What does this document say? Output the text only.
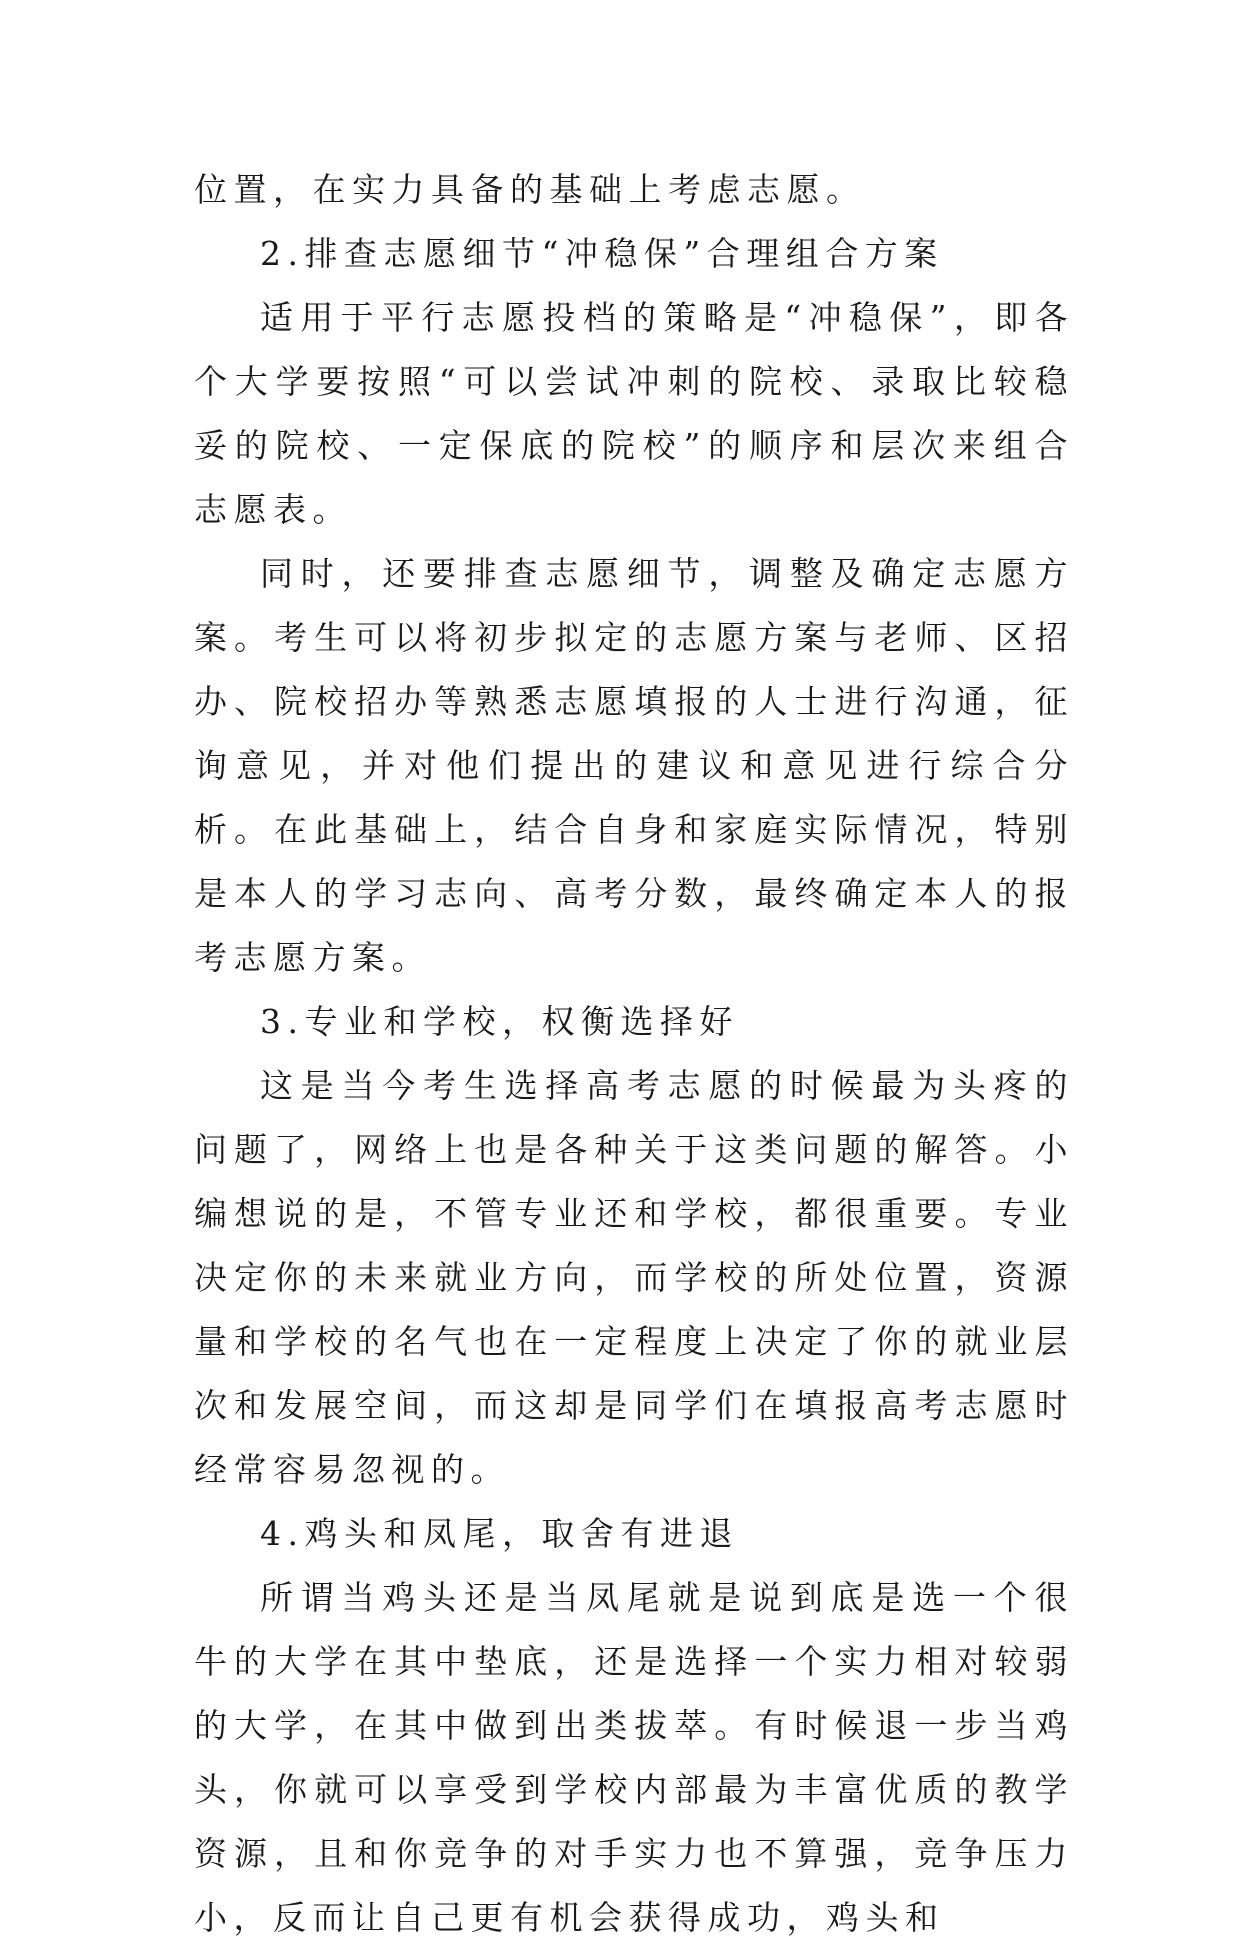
位置，在实力具备的基础上考虑志愿。

2.排查志愿细节“冲稳保”合理组合方案

适用于平行志愿投档的策略是“冲稳保”，即各个大学要按照“可以尝试冲刺的院校、录取比较稳妥的院校、一定保底的院校”的顺序和层次来组合志愿表。

同时，还要排查志愿细节，调整及确定志愿方案。考生可以将初步拟定的志愿方案与老师、区招办、院校招办等熟悉志愿填报的人士进行沟通，征询意见，并对他们提出的建议和意见进行综合分析。在此基础上，结合自身和家庭实际情况，特别是本人的学习志向、高考分数，最终确定本人的报考志愿方案。

3.专业和学校，权衡选择好

这是当今考生选择高考志愿的时候最为头疼的问题了，网络上也是各种关于这类问题的解答。小编想说的是，不管专业还和学校，都很重要。专业决定你的未来就业方向，而学校的所处位置，资源量和学校的名气也在一定程度上决定了你的就业层次和发展空间，而这却是同学们在填报高考志愿时经常容易忽视的。

4.鸡头和凤尾，取舍有进退

所谓当鸡头还是当凤尾就是说到底是选一个很牛的大学在其中垫底，还是选择一个实力相对较弱的大学，在其中做到出类拔萃。有时候退一步当鸡头，你就可以享受到学校内部最为丰富优质的教学资源，且和你竞争的对手实力也不算强，竞争压力小，反而让自己更有机会获得成功，鸡头和
